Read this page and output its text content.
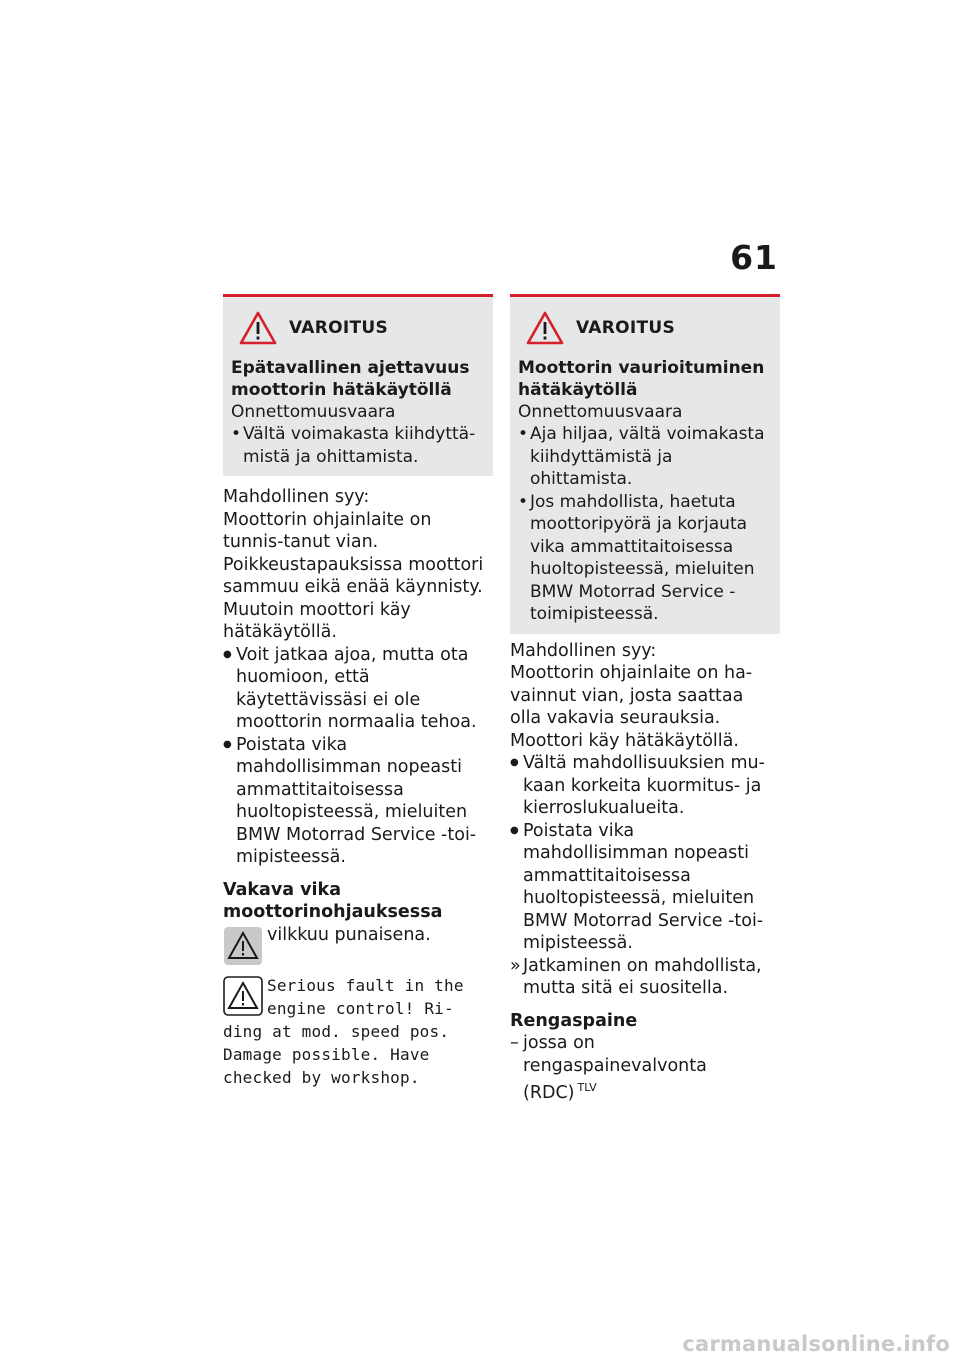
61
VAROITUS
Epätavallinen ajettavuus
moottorin hätäkäytöllä
Onnettomuusvaara
• Vältä voimakasta kiihdyttä-mistä ja ohittamista.
Mahdollinen syy:
Moottorin ohjainlaite on tunnis-tanut vian. Poikkeustapauksissa moottori sammuu eikä enää käynnisty. Muutoin moottori käy hätäkäytöllä.
● Voit jatkaa ajoa, mutta ota huomioon, että käytettävissäsi ei ole moottorin normaalia tehoa.
● Poistata vika mahdollisimman nopeasti ammattitaitoisessa huoltopisteessä, mieluiten BMW Motorrad Service -toi-mipisteessä.
Vakava vika
moottorinohjauksessa
vilkkuu punaisena.
Serious fault in the
engine control! Ri-
ding at mod. speed pos.
Damage possible. Have
checked by workshop.
VAROITUS
Moottorin vaurioituminen
hätäkäytöllä
Onnettomuusvaara
• Aja hiljaa, vältä voimakasta kiihdyttämistä ja ohittamista.
• Jos mahdollista, haetuta moottoripyörä ja korjauta vika ammattitaitoisessa huoltopisteessä, mieluiten BMW Motorrad Service -toimipisteessä.
Mahdollinen syy:
Moottorin ohjainlaite on ha-vainnut vian, josta saattaa olla vakavia seurauksia. Moottori käy hätäkäytöllä.
● Vältä mahdollisuuksien mu-kaan korkeita kuormitus- ja kierroslukualueita.
● Poistata vika mahdollisimman nopeasti ammattitaitoisessa huoltopisteessä, mieluiten BMW Motorrad Service -toi-mipisteessä.
» Jatkaminen on mahdollista, mutta sitä ei suositella.
Rengaspaine
– jossa on rengaspainevalvonta (RDC) $^{TLV}$
carmanualsonline.info
